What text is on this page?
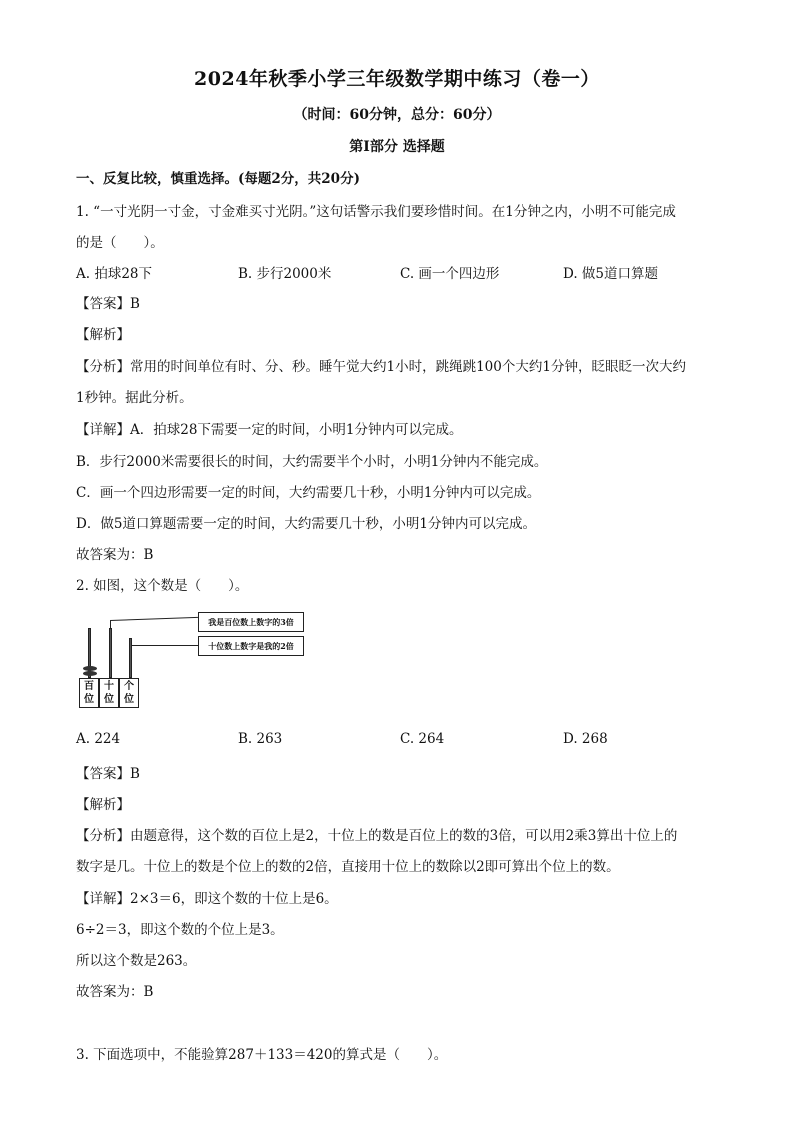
2024年秋季小学三年级数学期中练习（卷一）
（时间：60分钟，总分：60分）
第Ⅰ部分 选择题
一、反复比较，慎重选择。(每题2分，共20分)
1. “一寸光阴一寸金，寸金难买寸光阴。”这句话警示我们要珍惜时间。在1分钟之内，小明不可能完成
的是（　　）。
A. 拍球28下	B. 步行2000米	C. 画一个四边形	D. 做5道口算题
【答案】B
【解析】
【分析】常用的时间单位有时、分、秒。睡午觉大约1小时，跳绳跳100个大约1分钟，眨眼眨一次大约
1秒钟。据此分析。
【详解】A．拍球28下需要一定的时间，小明1分钟内可以完成。
B．步行2000米需要很长的时间，大约需要半个小时，小明1分钟内不能完成。
C．画一个四边形需要一定的时间，大约需要几十秒，小明1分钟内可以完成。
D．做5道口算题需要一定的时间，大约需要几十秒，小明1分钟内可以完成。
故答案为：B
2. 如图，这个数是（　　）。
我是百位数上数字的3倍
十位数上数字是我的2倍
百
位
十
位
个
位
A. 224	B. 263	C. 264	D. 268
【答案】B
【解析】
【分析】由题意得，这个数的百位上是2，十位上的数是百位上的数的3倍，可以用2乘3算出十位上的
数字是几。十位上的数是个位上的数的2倍，直接用十位上的数除以2即可算出个位上的数。
【详解】2×3＝6，即这个数的十位上是6。
6÷2＝3，即这个数的个位上是3。
所以这个数是263。
故答案为：B
3. 下面选项中，不能验算287＋133＝420的算式是（　　）。
